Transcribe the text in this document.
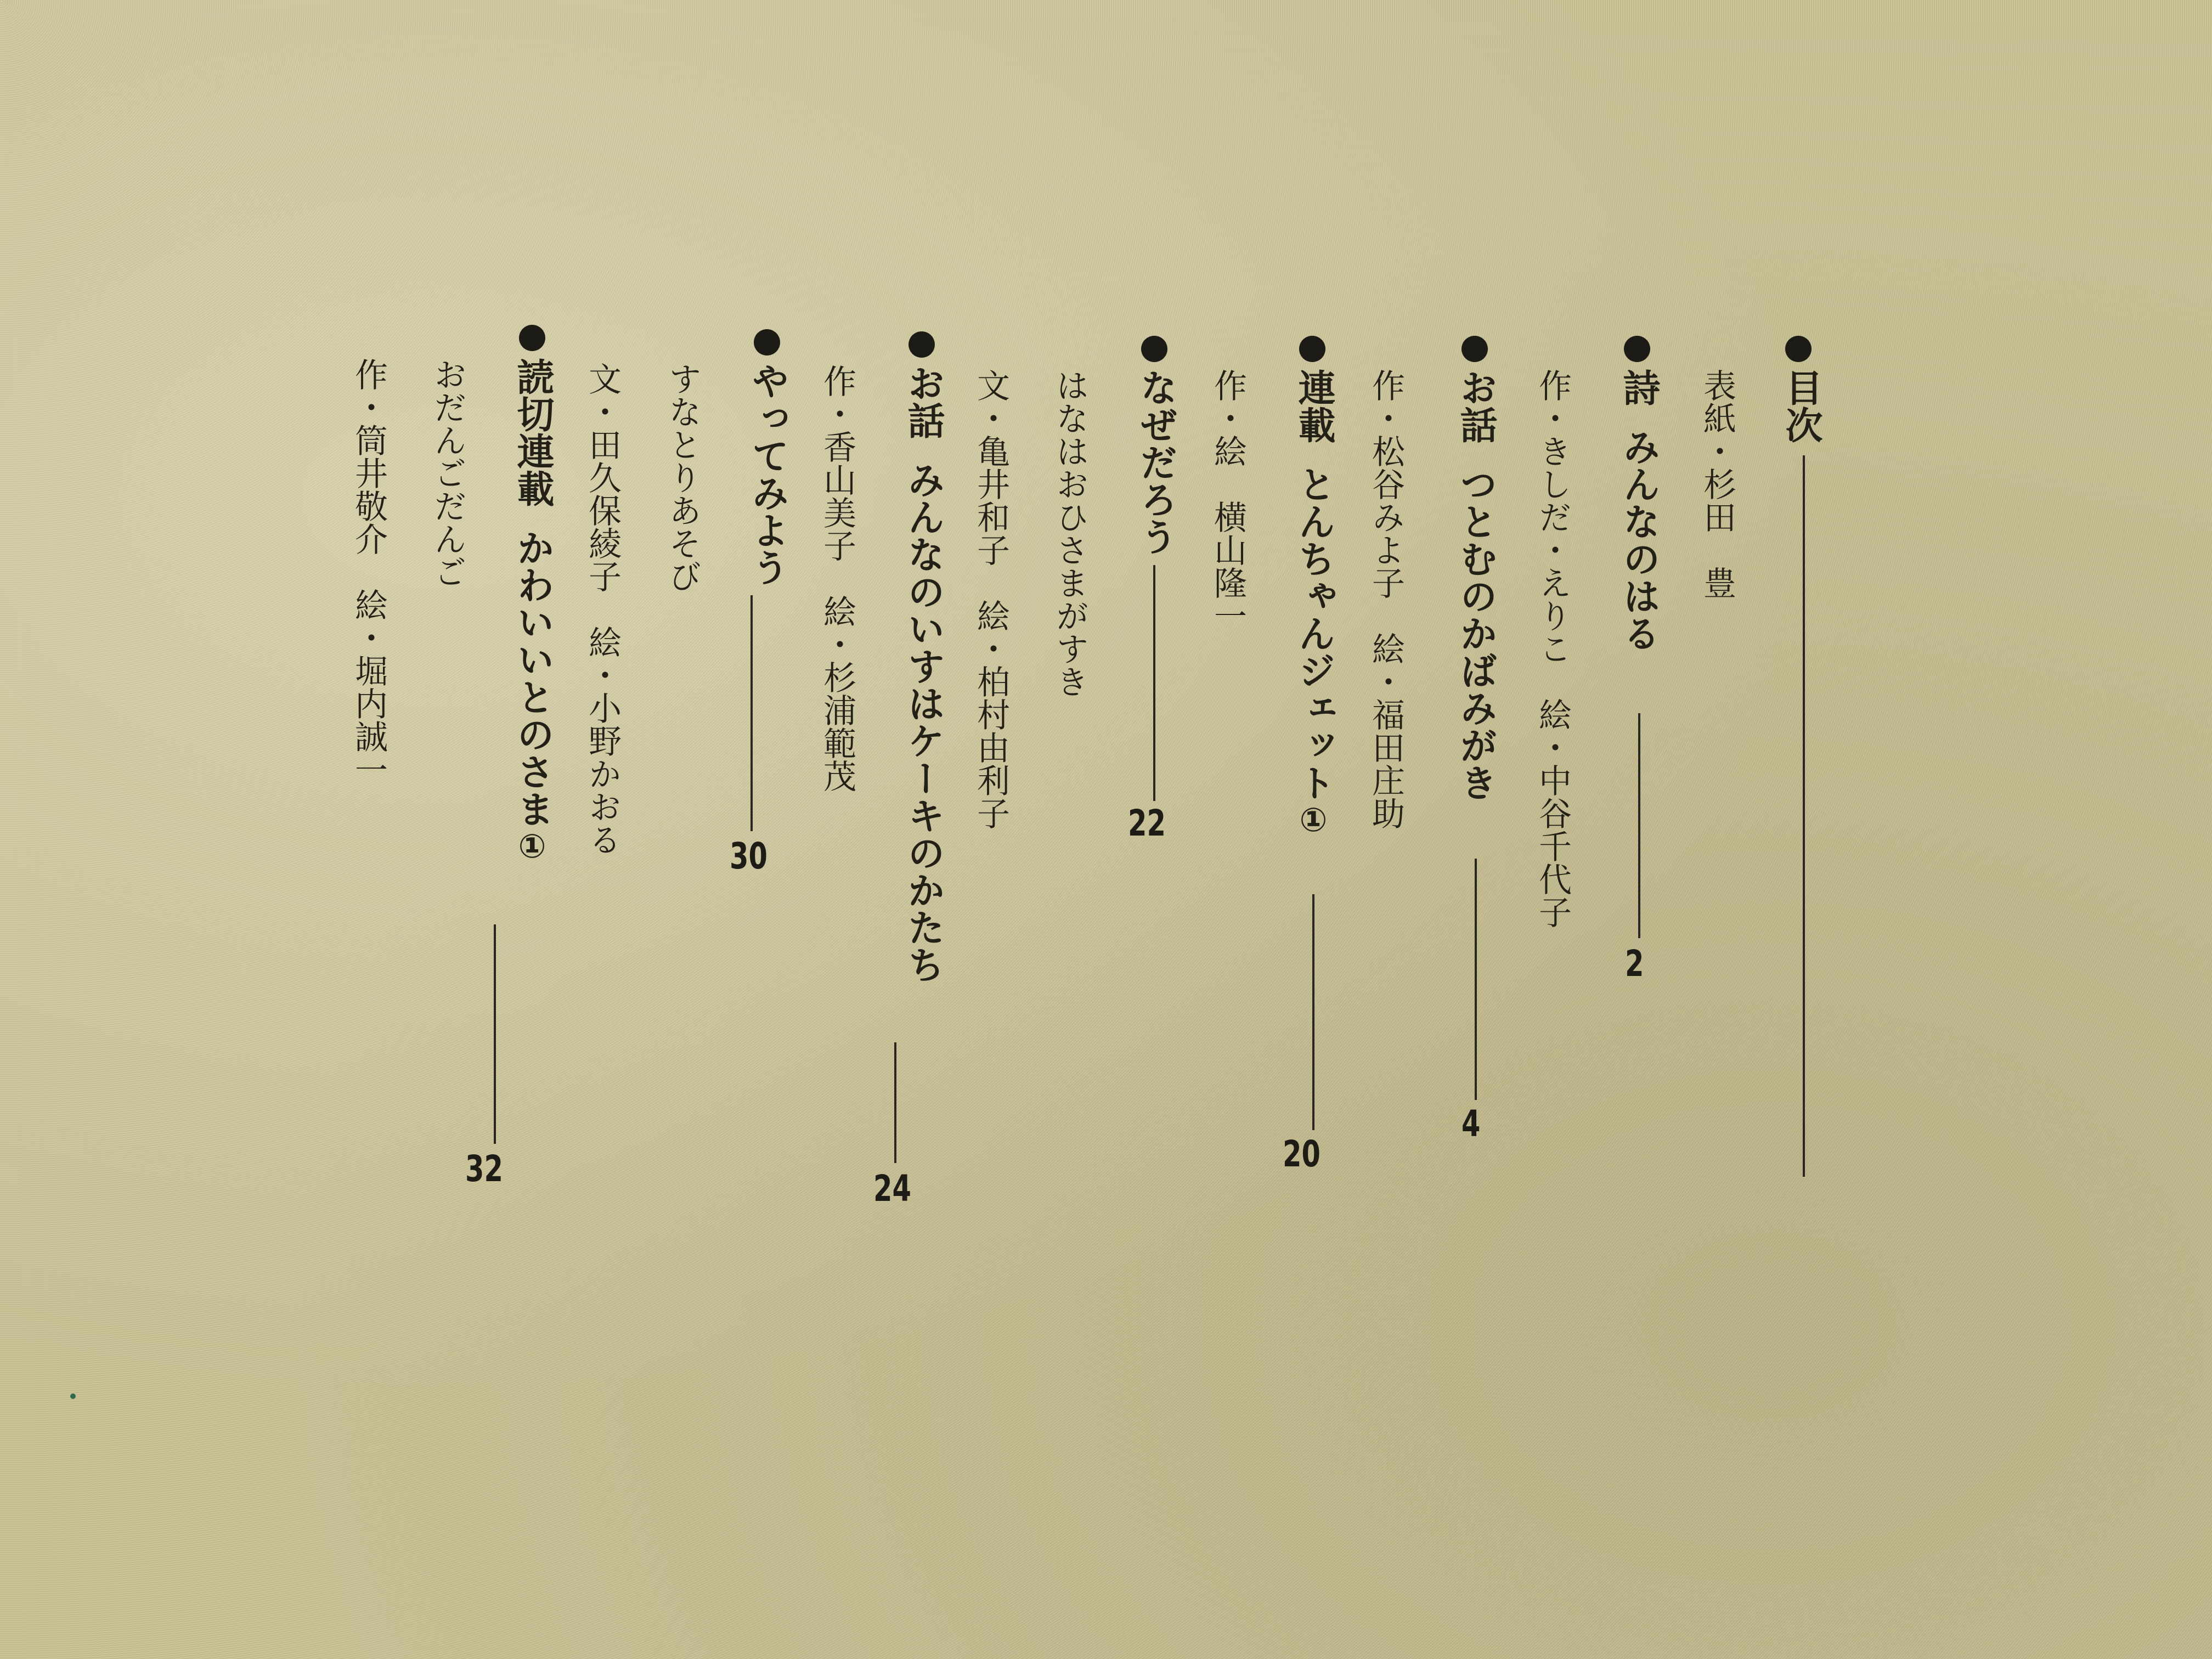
目次
表紙・杉田　豊
詩みんなのはる
2
作・きしだ・えりこ　絵・中谷千代子
お話つとむのかばみがき
4
作・松谷みよ子　絵・福田庄助
連載とんちゃんジェット①
20
作・絵　横山隆一
なぜだろう
22
はなはおひさまがすき
文・亀井和子　絵・柏村由利子
お話みんなのいすはケーキのかたち
24
作・香山美子　絵・杉浦範茂
やってみよう
30
すなとりあそび
文・田久保綾子　絵・小野かおる
読切連載かわいいとのさま①
32
おだんごだんご
作・筒井敬介　絵・堀内誠一
